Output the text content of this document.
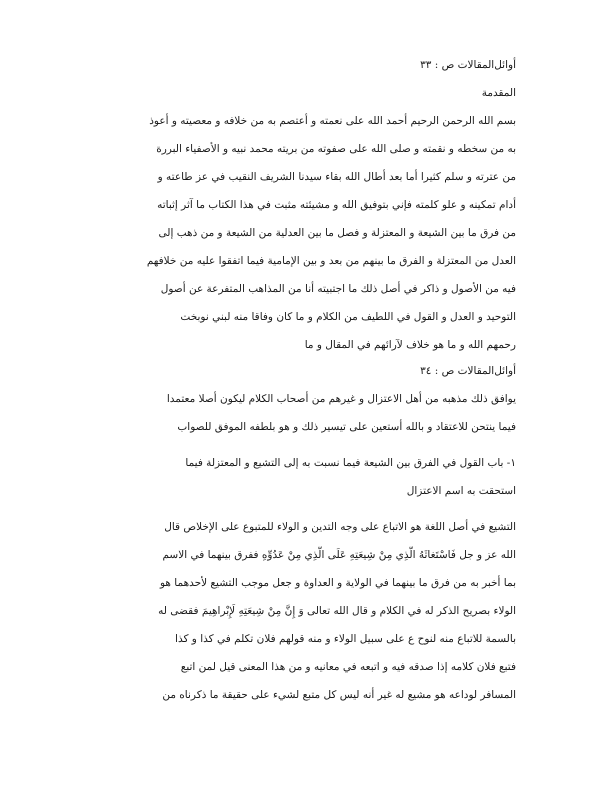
أوائل‌المقالات ص : ٣٣
المقدمة
بسم الله الرحمن الرحيم أحمد الله على نعمته و أعتصم به من خلافه و معصيته و أعوذ
به من سخطه و نقمته و صلى الله على صفوته من بريته محمد نبيه و الأصفياء البررة
من عترته و سلم كثيرا أما بعد أطال الله بقاء سيدنا الشريف النقيب في عز طاعته و
أدام تمكينه و علو كلمته فإني بتوفيق الله و مشيئته مثبت في هذا الكتاب ما آثر إثباته
من فرق ما بين الشيعة و المعتزلة و فصل ما بين العدلية من الشيعة و من ذهب إلى
العدل من المعتزلة و الفرق ما بينهم من بعد و بين الإمامية فيما اتفقوا عليه من خلافهم
فيه من الأصول و ذاكر في أصل ذلك ما اجتبيته أنا من المذاهب المتفرعة عن أصول
التوحيد و العدل و القول في اللطيف من الكلام و ما كان وفاقا منه لبني نوبخت
رحمهم الله و ما هو خلاف لآرائهم في المقال و ما
أوائل‌المقالات ص : ٣٤
يوافق ذلك مذهبه من أهل الاعتزال و غيرهم من أصحاب الكلام ليكون أصلا معتمدا
فيما ينتحن للاعتقاد و بالله أستعين على تيسير ذلك و هو بلطفه الموفق للصواب
١- باب القول في الفرق بين الشيعة فيما نسبت به إلى التشيع و المعتزلة فيما
استحقت به اسم الاعتزال
التشيع في أصل اللغة هو الاتباع على وجه التدين و الولاء للمتبوع على الإخلاص قال
الله عز و جل فَاسْتَغاثَهُ الَّذِي مِنْ شِيعَتِهِ عَلَى الَّذِي مِنْ عَدُوِّهِ ففرق بينهما في الاسم
بما أخبر به من فرق ما بينهما في الولاية و العداوة و جعل موجب التشيع لأحدهما هو
الولاء بصريح الذكر له في الكلام و قال الله تعالى وَ إِنَّ مِنْ شِيعَتِهِ لَإِبْراهِيمَ فقضى له
بالسمة للاتباع منه لنوح ع على سبيل الولاء و منه قولهم فلان تكلم في كذا و كذا
فتبع فلان كلامه إذا صدقه فيه و اتبعه في معانيه و من هذا المعنى قيل لمن اتبع
المسافر لوداعه هو مشيع له غير أنه ليس كل متبع لشيء على حقيقة ما ذكرناه من
